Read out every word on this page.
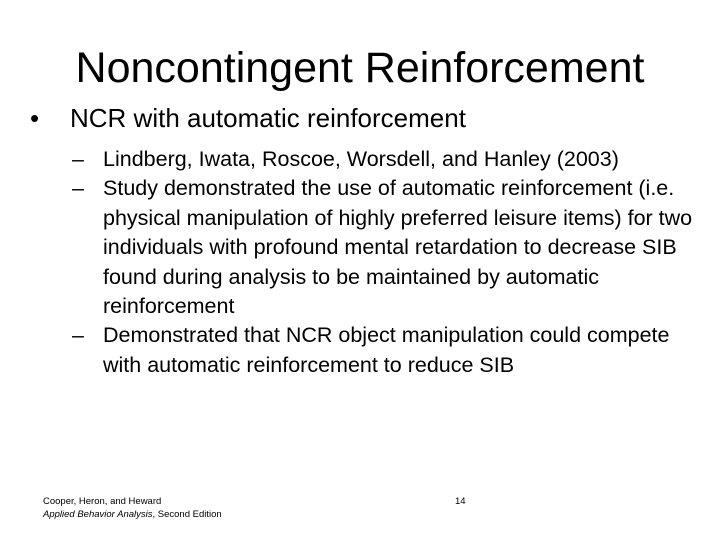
Noncontingent Reinforcement
• NCR with automatic reinforcement
– Lindberg, Iwata, Roscoe, Worsdell, and Hanley (2003)
– Study demonstrated the use of automatic reinforcement (i.e. physical manipulation of highly preferred leisure items) for two individuals with profound mental retardation to decrease SIB found during analysis to be maintained by automatic reinforcement
– Demonstrated that NCR object manipulation could compete with automatic reinforcement to reduce SIB
Cooper, Heron, and Heward
Applied Behavior Analysis, Second Edition
14
